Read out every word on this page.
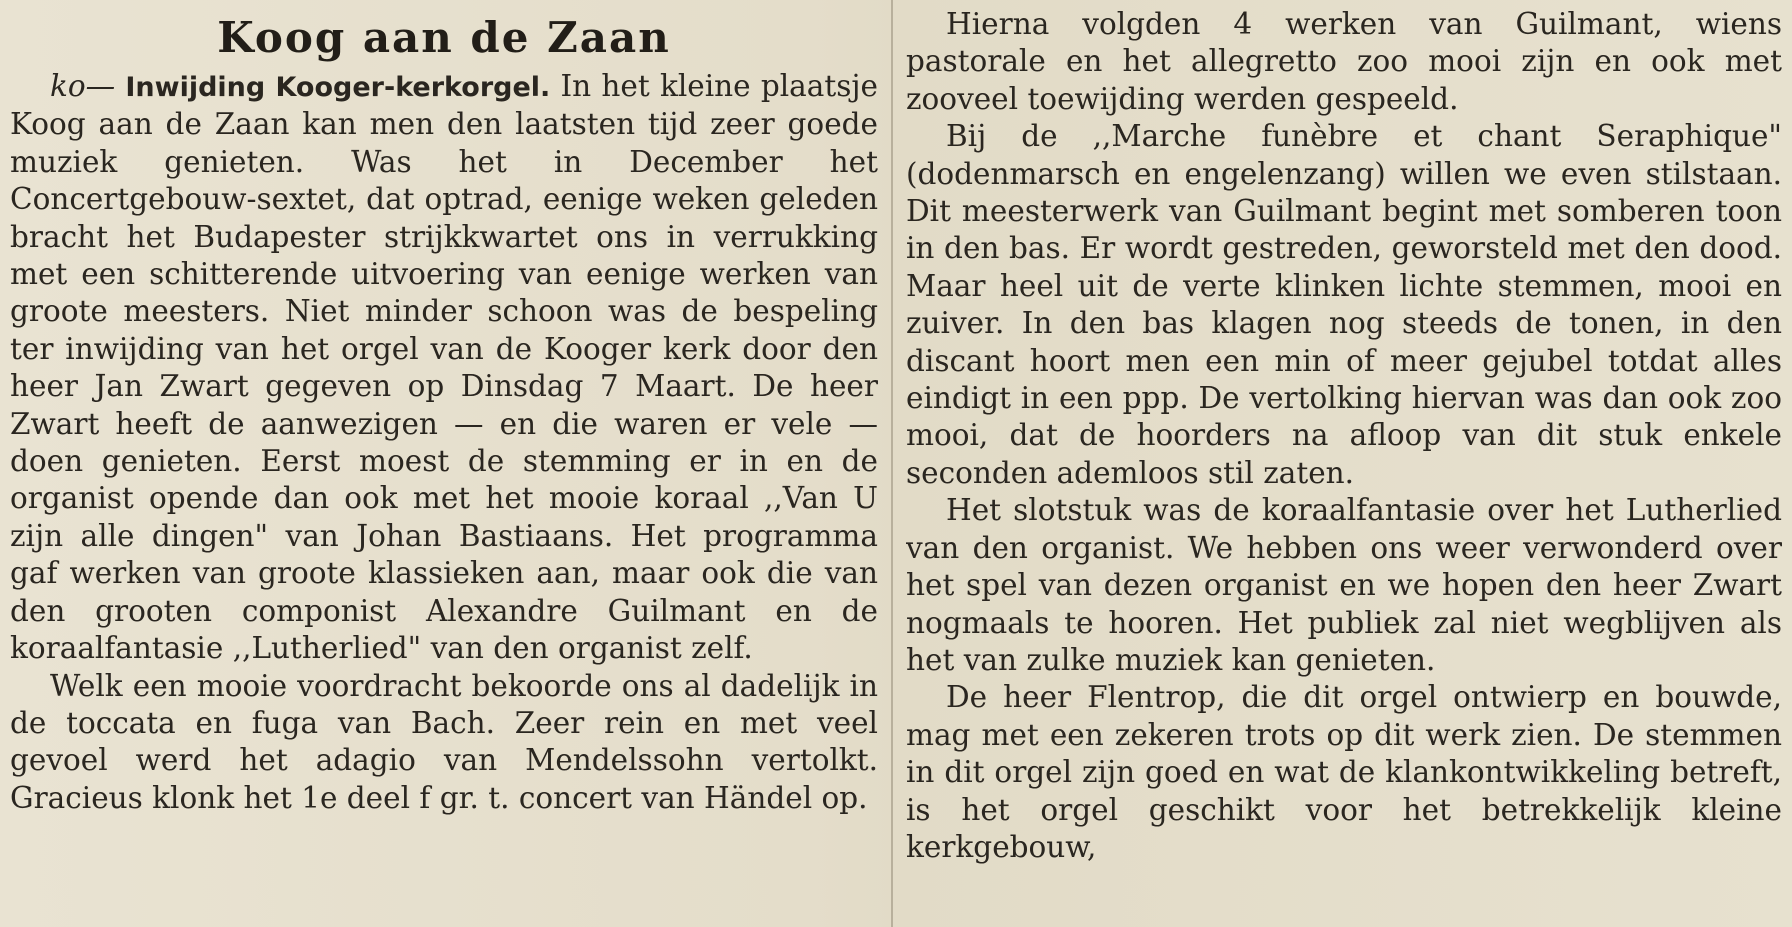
Koog aan de Zaan

ko— Inwijding Kooger-kerkorgel. In het kleine plaatsje Koog aan de Zaan kan men den laatsten tijd zeer goede muziek genieten. Was het in December het Concertgebouw-sextet, dat optrad, eenige weken geleden bracht het Budapester strijkkwartet ons in verrukking met een schitterende uitvoering van eenige werken van groote meesters. Niet minder schoon was de bespeling ter inwijding van het orgel van de Kooger kerk door den heer Jan Zwart gegeven op Dinsdag 7 Maart. De heer Zwart heeft de aanwezigen — en die waren er vele — doen genieten. Eerst moest de stemming er in en de organist opende dan ook met het mooie koraal ,,Van U zijn alle dingen" van Johan Bastiaans. Het programma gaf werken van groote klassieken aan, maar ook die van den grooten componist Alexandre Guilmant en de koraalfantasie ,,Lutherlied" van den organist zelf.

Welk een mooie voordracht bekoorde ons al dadelijk in de toccata en fuga van Bach. Zeer rein en met veel gevoel werd het adagio van Mendelssohn vertolkt. Gracieus klonk het 1e deel f gr. t. concert van Händel op.

Hierna volgden 4 werken van Guilmant, wiens pastorale en het allegretto zoo mooi zijn en ook met zooveel toewijding werden gespeeld.

Bij de ,,Marche funèbre et chant Seraphique" (dodenmarsch en engelenzang) willen we even stilstaan. Dit meesterwerk van Guilmant begint met somberen toon in den bas. Er wordt gestreden, geworsteld met den dood. Maar heel uit de verte klinken lichte stemmen, mooi en zuiver. In den bas klagen nog steeds de tonen, in den discant hoort men een min of meer gejubel totdat alles eindigt in een ppp. De vertolking hiervan was dan ook zoo mooi, dat de hoorders na afloop van dit stuk enkele seconden ademloos stil zaten.

Het slotstuk was de koraalfantasie over het Lutherlied van den organist. We hebben ons weer verwonderd over het spel van dezen organist en we hopen den heer Zwart nogmaals te hooren. Het publiek zal niet wegblijven als het van zulke muziek kan genieten.

De heer Flentrop, die dit orgel ontwierp en bouwde, mag met een zekeren trots op dit werk zien. De stemmen in dit orgel zijn goed en wat de klankontwikkeling betreft, is het orgel geschikt voor het betrekkelijk kleine kerkgebouw,
